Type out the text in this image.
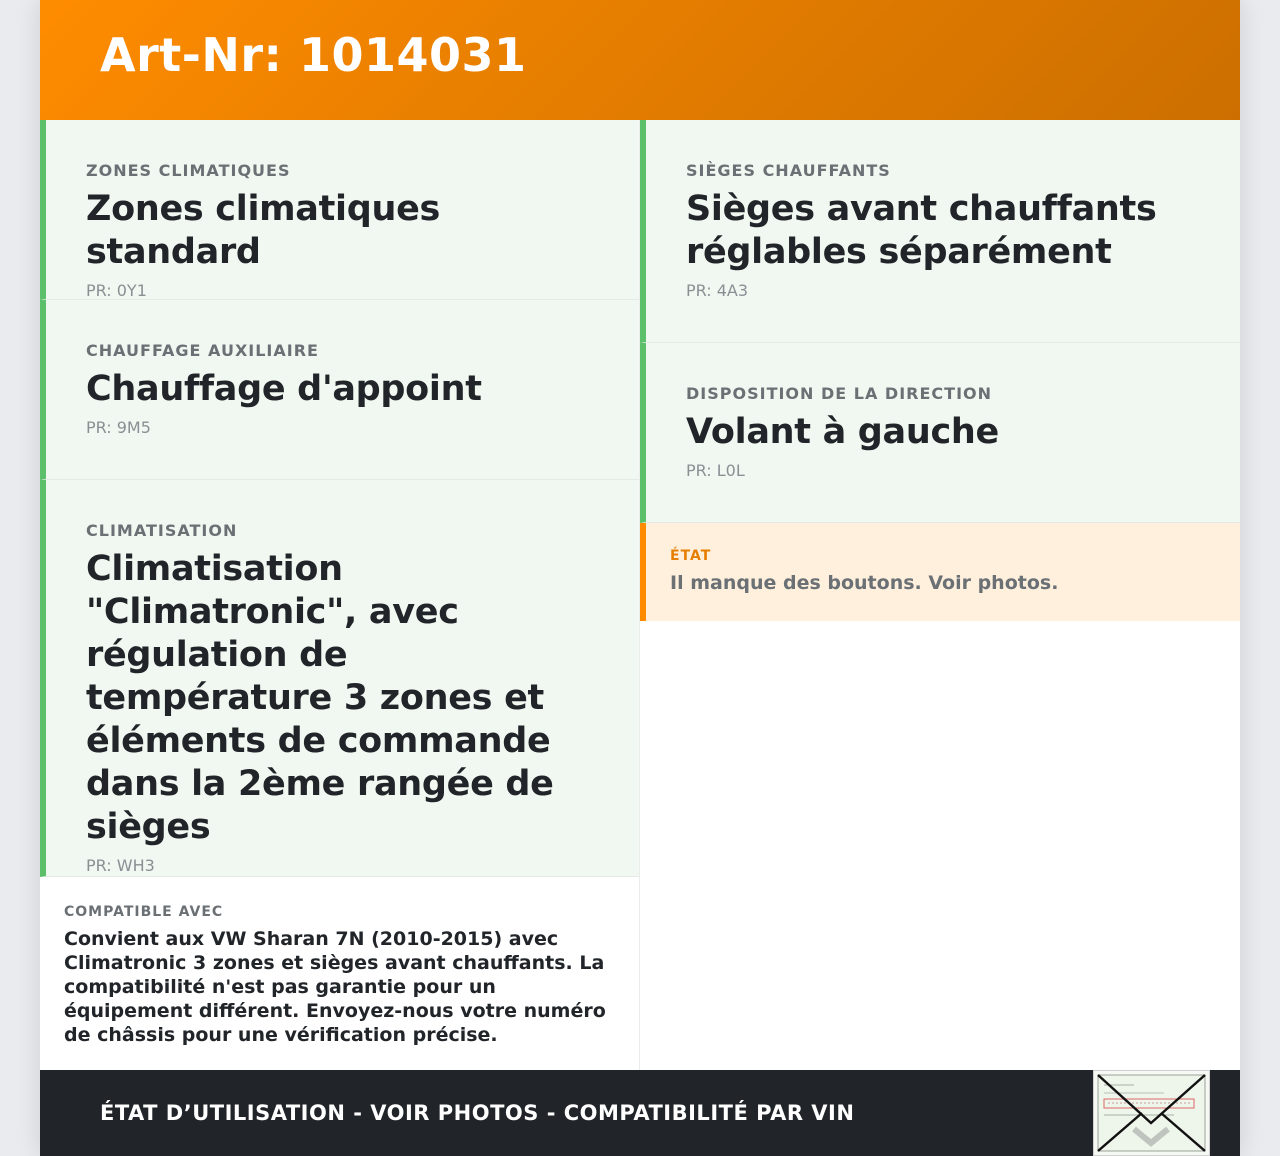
Art-Nr: 1014031
ZONES CLIMATIQUES
Zones climatiques standard
PR: 0Y1
CHAUFFAGE AUXILIAIRE
Chauffage d'appoint
PR: 9M5
CLIMATISATION
Climatisation "Climatronic", avec régulation de température 3 zones et éléments de commande dans la 2ème rangée de sièges
PR: WH3
COMPATIBLE AVEC
Convient aux VW Sharan 7N (2010-2015) avec Climatronic 3 zones et sièges avant chauffants. La compatibilité n'est pas garantie pour un équipement différent. Envoyez-nous votre numéro de châssis pour une vérification précise.
SIÈGES CHAUFFANTS
Sièges avant chauffants réglables séparément
PR: 4A3
DISPOSITION DE LA DIRECTION
Volant à gauche
PR: L0L
ÉTAT
Il manque des boutons. Voir photos.
ÉTAT D’UTILISATION - VOIR PHOTOS - COMPATIBILITÉ PAR VIN
